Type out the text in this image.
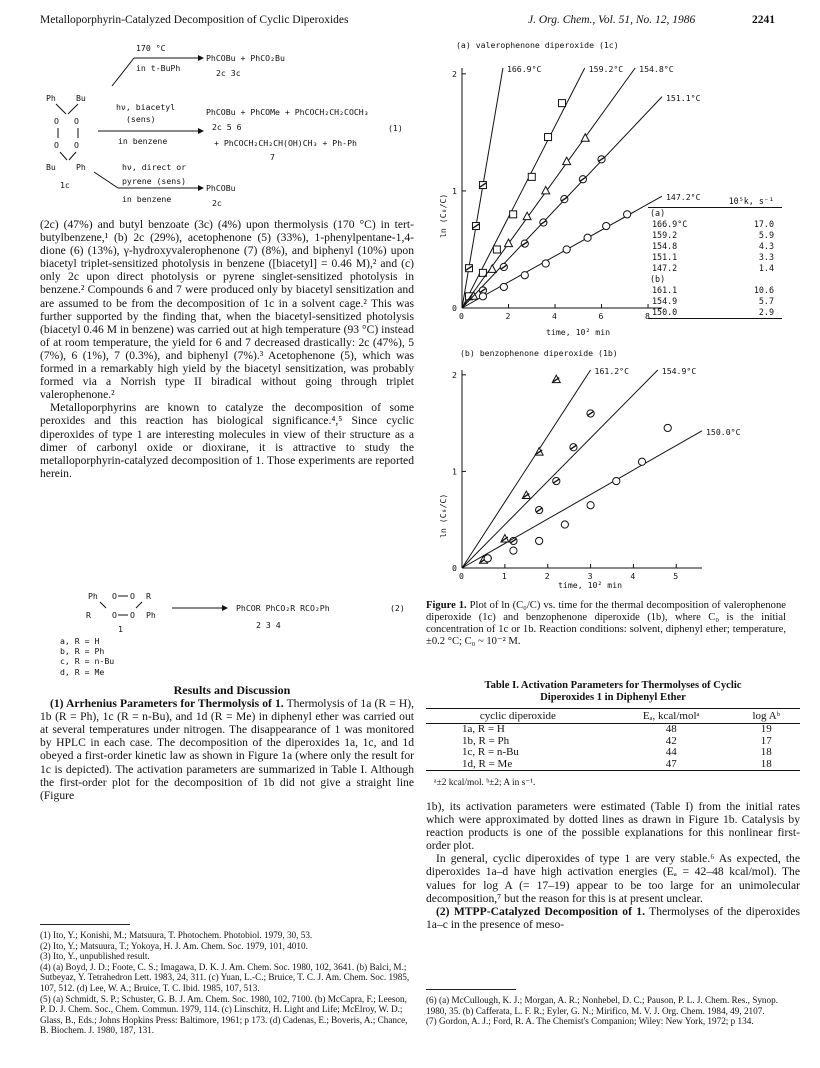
Metalloporphyrin-Catalyzed Decomposition of Cyclic Diperoxides	J. Org. Chem., Vol. 51, No. 12, 1986	2241
170 °C
in t-BuPh
PhCOBu + PhCO₂Bu
2c 3c
Ph Bu
O O
O O
Bu Ph
1c
hν, biacetyl
(sens)
in benzene
PhCOBu + PhCOMe + PhCOCH₂CH₂COCH₃
2c 5 6
+ PhCOCH₂CH₂CH(OH)CH₃ + Ph-Ph
7
(1)
hν, direct or
pyrene (sens)
in benzene
PhCOBu
2c

(2c) (47%) and butyl benzoate (3c) (4%) upon thermolysis (170 °C) in tert-butylbenzene,¹ (b) 2c (29%), acetophenone (5) (33%), 1-phenylpentane-1,4-dione (6) (13%), γ-hydroxyvalerophenone (7) (8%), and biphenyl (10%) upon biacetyl triplet-sensitized photolysis in benzene ([biacetyl] = 0.46 M),² and (c) only 2c upon direct photolysis or pyrene singlet-sensitized photolysis in benzene.² Compounds 6 and 7 were produced only by biacetyl sensitization and are assumed to be from the decomposition of 1c in a solvent cage.² This was further supported by the finding that, when the biacetyl-sensitized photolysis (biacetyl 0.46 M in benzene) was carried out at high temperature (93 °C) instead of at room temperature, the yield for 6 and 7 decreased drastically: 2c (47%), 5 (7%), 6 (1%), 7 (0.3%), and biphenyl (7%).³ Acetophenone (5), which was formed in a remarkably high yield by the biacetyl sensitization, was probably formed via a Norrish type II biradical without going through triplet valerophenone.²

Metalloporphyrins are known to catalyze the decomposition of some peroxides and this reaction has biological significance.⁴,⁵ Since cyclic diperoxides of type 1 are interesting molecules in view of their structure as a dimer of carbonyl oxide or dioxirane, it is attractive to study the metalloporphyrin-catalyzed decomposition of 1. Those experiments are reported herein.

Ph O O R
R	O O Ph
PhCOR PhCO₂R RCO₂Ph
2 3 4
(2)
1
a, R = H
b, R = Ph
c, R = n-Bu
d, R = Me

Results and Discussion

(1) Arrhenius Parameters for Thermolysis of 1. Thermolysis of 1a (R = H), 1b (R = Ph), 1c (R = n-Bu), and 1d (R = Me) in diphenyl ether was carried out at several temperatures under nitrogen. The disappearance of 1 was monitored by HPLC in each case. The decomposition of the diperoxides 1a, 1c, and 1d obeyed a first-order kinetic law as shown in Figure 1a (where only the result for 1c is depicted). The activation parameters are summarized in Table I. Although the first-order plot for the decomposition of 1b did not give a straight line (Figure

(1) Ito, Y.; Konishi, M.; Matsuura, T. Photochem. Photobiol. 1979, 30, 53.
(2) Ito, Y.; Matsuura, T.; Yokoya, H. J. Am. Chem. Soc. 1979, 101, 4010.
(3) Ito, Y., unpublished result.
(4) (a) Boyd, J. D.; Foote, C. S.; Imagawa, D. K. J. Am. Chem. Soc. 1980, 102, 3641. (b) Balci, M.; Sutbeyaz, Y. Tetrahedron Lett. 1983, 24, 311. (c) Yuan, L.-C.; Bruice, T. C. J. Am. Chem. Soc. 1985, 107, 512. (d) Lee, W. A.; Bruice, T. C. Ibid. 1985, 107, 513.
(5) (a) Schmidt, S. P.; Schuster, G. B. J. Am. Chem. Soc. 1980, 102, 7100. (b) McCapra, F.; Leeson, P. D. J. Chem. Soc., Chem. Commun. 1979, 114. (c) Linschitz, H. Light and Life; McElroy, W. D.; Glass, B., Eds.; Johns Hopkins Press: Baltimore, 1961; p 173. (d) Cadenas, E.; Boveris, A.; Chance, B. Biochem. J. 1980, 187, 131.
(a) valerophenone diperoxide (1c)
(b) benzophenone diperoxide (1b)
0	2	4	6	8
0
1
2	166.9°C	159.2°C 154.8°C
151.1°C
147.2°C
0	1	2	3	4	5
0
1
2	161.2°C	154.9°C
150.0°C
ln (C₀/C)
ln (C₀/C)
time, 10² min
time, 10² min
10⁵k, s⁻¹
(a)
166.9°C	17.0
159.2	5.9
154.8	4.3
151.1	3.3
147.2	1.4
(b)
161.1	10.6
154.9	5.7
150.0	2.9
Figure 1. Plot of ln (C₀/C) vs. time for the thermal decomposition of valerophenone diperoxide (1c) and benzophenone diperoxide (1b), where C₀ is the initial concentration of 1c or 1b. Reaction conditions: solvent, diphenyl ether; temperature, ±0.2 °C; C₀ ~ 10⁻² M.
Table I. Activation Parameters for Thermolyses of Cyclic
Diperoxides 1 in Diphenyl Ether
cyclic diperoxide	Eₐ, kcal/molᵃ	log Aᵇ
1a, R = H	48	19
1b, R = Ph	42	17
1c, R = n-Bu	44	18
1d, R = Me	47	18
ᵃ±2 kcal/mol. ᵇ±2; A in s⁻¹.

1b), its activation parameters were estimated (Table I) from the initial rates which were approximated by dotted lines as drawn in Figure 1b. Catalysis by reaction products is one of the possible explanations for this nonlinear first-order plot.

In general, cyclic diperoxides of type 1 are very stable.⁶ As expected, the diperoxides 1a–d have high activation energies (Eₐ = 42–48 kcal/mol). The values for log A (= 17–19) appear to be too large for an unimolecular decomposition,⁷ but the reason for this is at present unclear.

(2) MTPP-Catalyzed Decomposition of 1. Thermolyses of the diperoxides 1a–c in the presence of meso-

(6) (a) McCullough, K. J.; Morgan, A. R.; Nonhebel, D. C.; Pauson, P. L. J. Chem. Res., Synop. 1980, 35. (b) Cafferata, L. F. R.; Eyler, G. N.; Mirifico, M. V. J. Org. Chem. 1984, 49, 2107.
(7) Gordon, A. J.; Ford, R. A. The Chemist's Companion; Wiley: New York, 1972; p 134.
